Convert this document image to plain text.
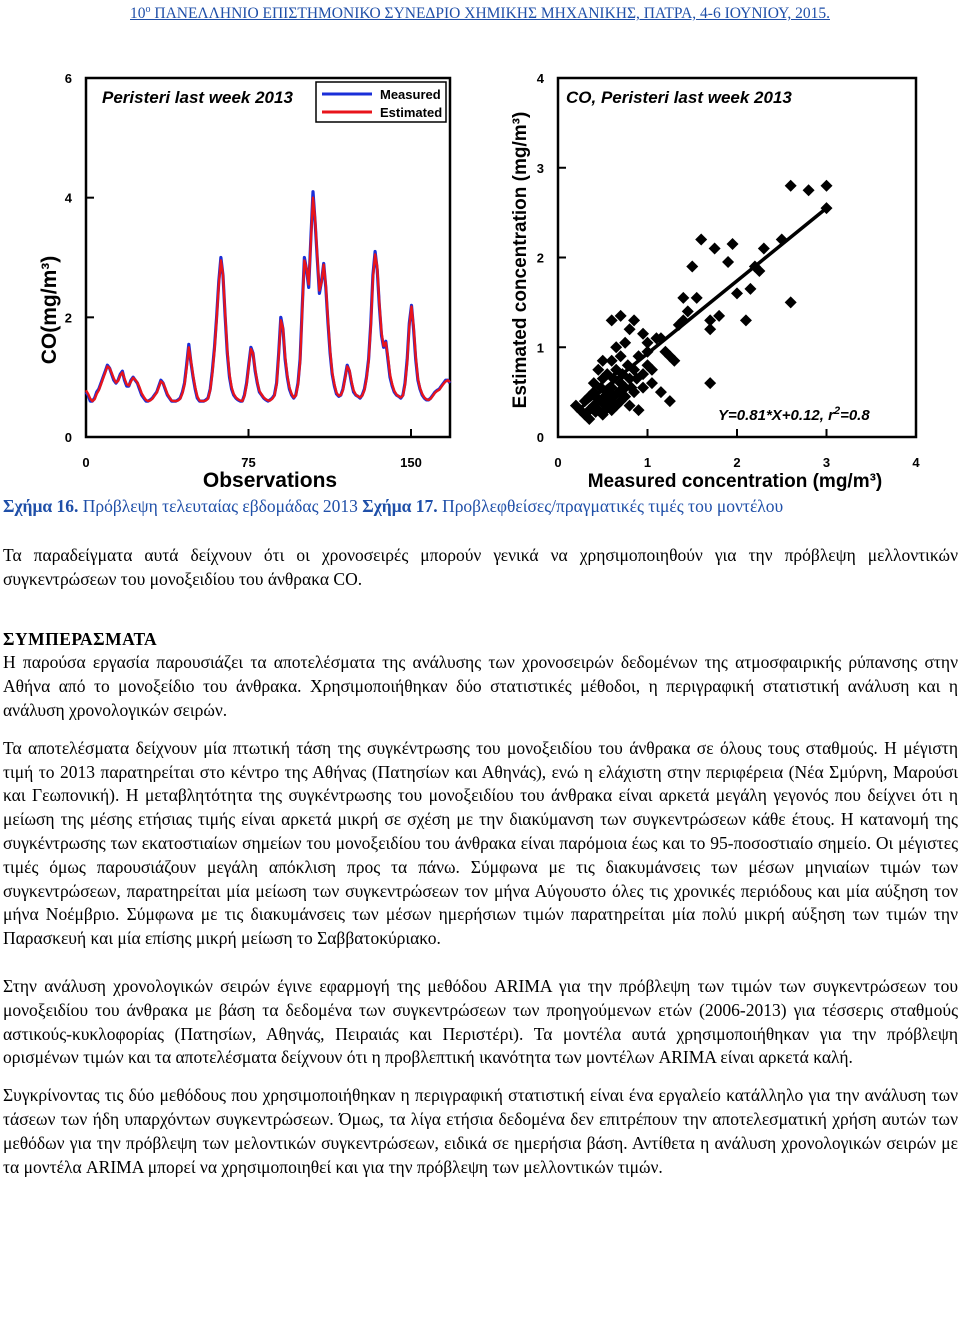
$10^o$ ΠΑΝΕΛΛΗΝΙΟ ΕΠΙΣΤΗΜΟΝΙΚΟ ΣΥΝΕΔΡΙΟ ΧΗΜΙΚΗΣ ΜΗΧΑΝΙΚΗΣ, ΠΑΤΡΑ, 4-6 ΙΟΥΝΙΟΥ, 2015.
0
2
4
6
0	75	150
Peristeri last week 2013	Measured
Estimated
Observations
CO(mg/m³)
0
1
2
3
4
0	1	2	3	4
CO, Peristeri last week 2013
Y=0.81*X+0.12, $r^2=0.8$
Measured concentration (mg/m³)
Estimated concentration (mg/m³)
Σχήμα 16. Πρόβλεψη τελευταίας εβδομάδας 2013 Σχήμα 17. Προβλεφθείσες/πραγματικές τιμές του μοντέλου

Τα παραδείγματα αυτά δείχνουν ότι οι χρονοσειρές μπορούν γενικά να χρησιμοποιηθούν για την πρόβλεψη μελλοντικών συγκεντρώσεων του μονοξειδίου του άνθρακα CO.

ΣΥΜΠΕΡΑΣΜΑΤΑ

Η παρούσα εργασία παρουσιάζει τα αποτελέσματα της ανάλυσης των χρονοσειρών δεδομένων της ατμοσφαιρικής ρύπανσης στην Αθήνα από το μονοξείδιο του άνθρακα. Χρησιμοποιήθηκαν δύο στατιστικές μέθοδοι, η περιγραφική στατιστική ανάλυση και η ανάλυση χρονολογικών σειρών.

Τα αποτελέσματα δείχνουν μία πτωτική τάση της συγκέντρωσης του μονοξειδίου του άνθρακα σε όλους τους σταθμούς. Η μέγιστη τιμή το 2013 παρατηρείται στο κέντρο της Αθήνας (Πατησίων και Αθηνάς), ενώ η ελάχιστη στην περιφέρεια (Νέα Σμύρνη, Μαρούσι και Γεωπονική). Η μεταβλητότητα της συγκέντρωσης του μονοξειδίου του άνθρακα είναι αρκετά μεγάλη γεγονός που δείχνει ότι η μείωση της μέσης ετήσιας τιμής είναι αρκετά μικρή σε σχέση με την διακύμανση των συγκεντρώσεων κάθε έτους. Η κατανομή της συγκέντρωσης των εκατοστιαίων σημείων του μονοξειδίου του άνθρακα είναι παρόμοια έως και το 95-ποσοστιαίο σημείο. Οι μέγιστες τιμές όμως παρουσιάζουν μεγάλη απόκλιση προς τα πάνω. Σύμφωνα με τις διακυμάνσεις των μέσων μηνιαίων τιμών των συγκεντρώσεων, παρατηρείται μία μείωση των συγκεντρώσεων τον μήνα Αύγουστο όλες τις χρονικές περιόδους και μία αύξηση τον μήνα Νοέμβριο. Σύμφωνα με τις διακυμάνσεις των μέσων ημερήσιων τιμών παρατηρείται μία πολύ μικρή αύξηση των τιμών την Παρασκευή και μία επίσης μικρή μείωση το Σαββατοκύριακο.

Στην ανάλυση χρονολογικών σειρών έγινε εφαρμογή της μεθόδου ARIMA για την πρόβλεψη των τιμών των συγκεντρώσεων του μονοξειδίου του άνθρακα με βάση τα δεδομένα των συγκεντρώσεων των προηγούμενων ετών (2006-2013) για τέσσερις σταθμούς αστικούς-κυκλοφορίας (Πατησίων, Αθηνάς, Πειραιάς και Περιστέρι). Τα μοντέλα αυτά χρησιμοποιήθηκαν για την πρόβλεψη ορισμένων τιμών και τα αποτελέσματα δείχνουν ότι η προβλεπτική ικανότητα των μοντέλων ARIMA είναι αρκετά καλή.

Συγκρίνοντας τις δύο μεθόδους που χρησιμοποιήθηκαν η περιγραφική στατιστική είναι ένα εργαλείο κατάλληλο για την ανάλυση των τάσεων των ήδη υπαρχόντων συγκεντρώσεων. Όμως, τα λίγα ετήσια δεδομένα δεν επιτρέπουν την αποτελεσματική χρήση αυτών των μεθόδων για την πρόβλεψη των μελοντικών συγκεντρώσεων, ειδικά σε ημερήσια βάση. Αντίθετα η ανάλυση χρονολογικών σειρών με τα μοντέλα ARIMA μπορεί να χρησιμοποιηθεί και για την πρόβλεψη των μελλοντικών τιμών.
